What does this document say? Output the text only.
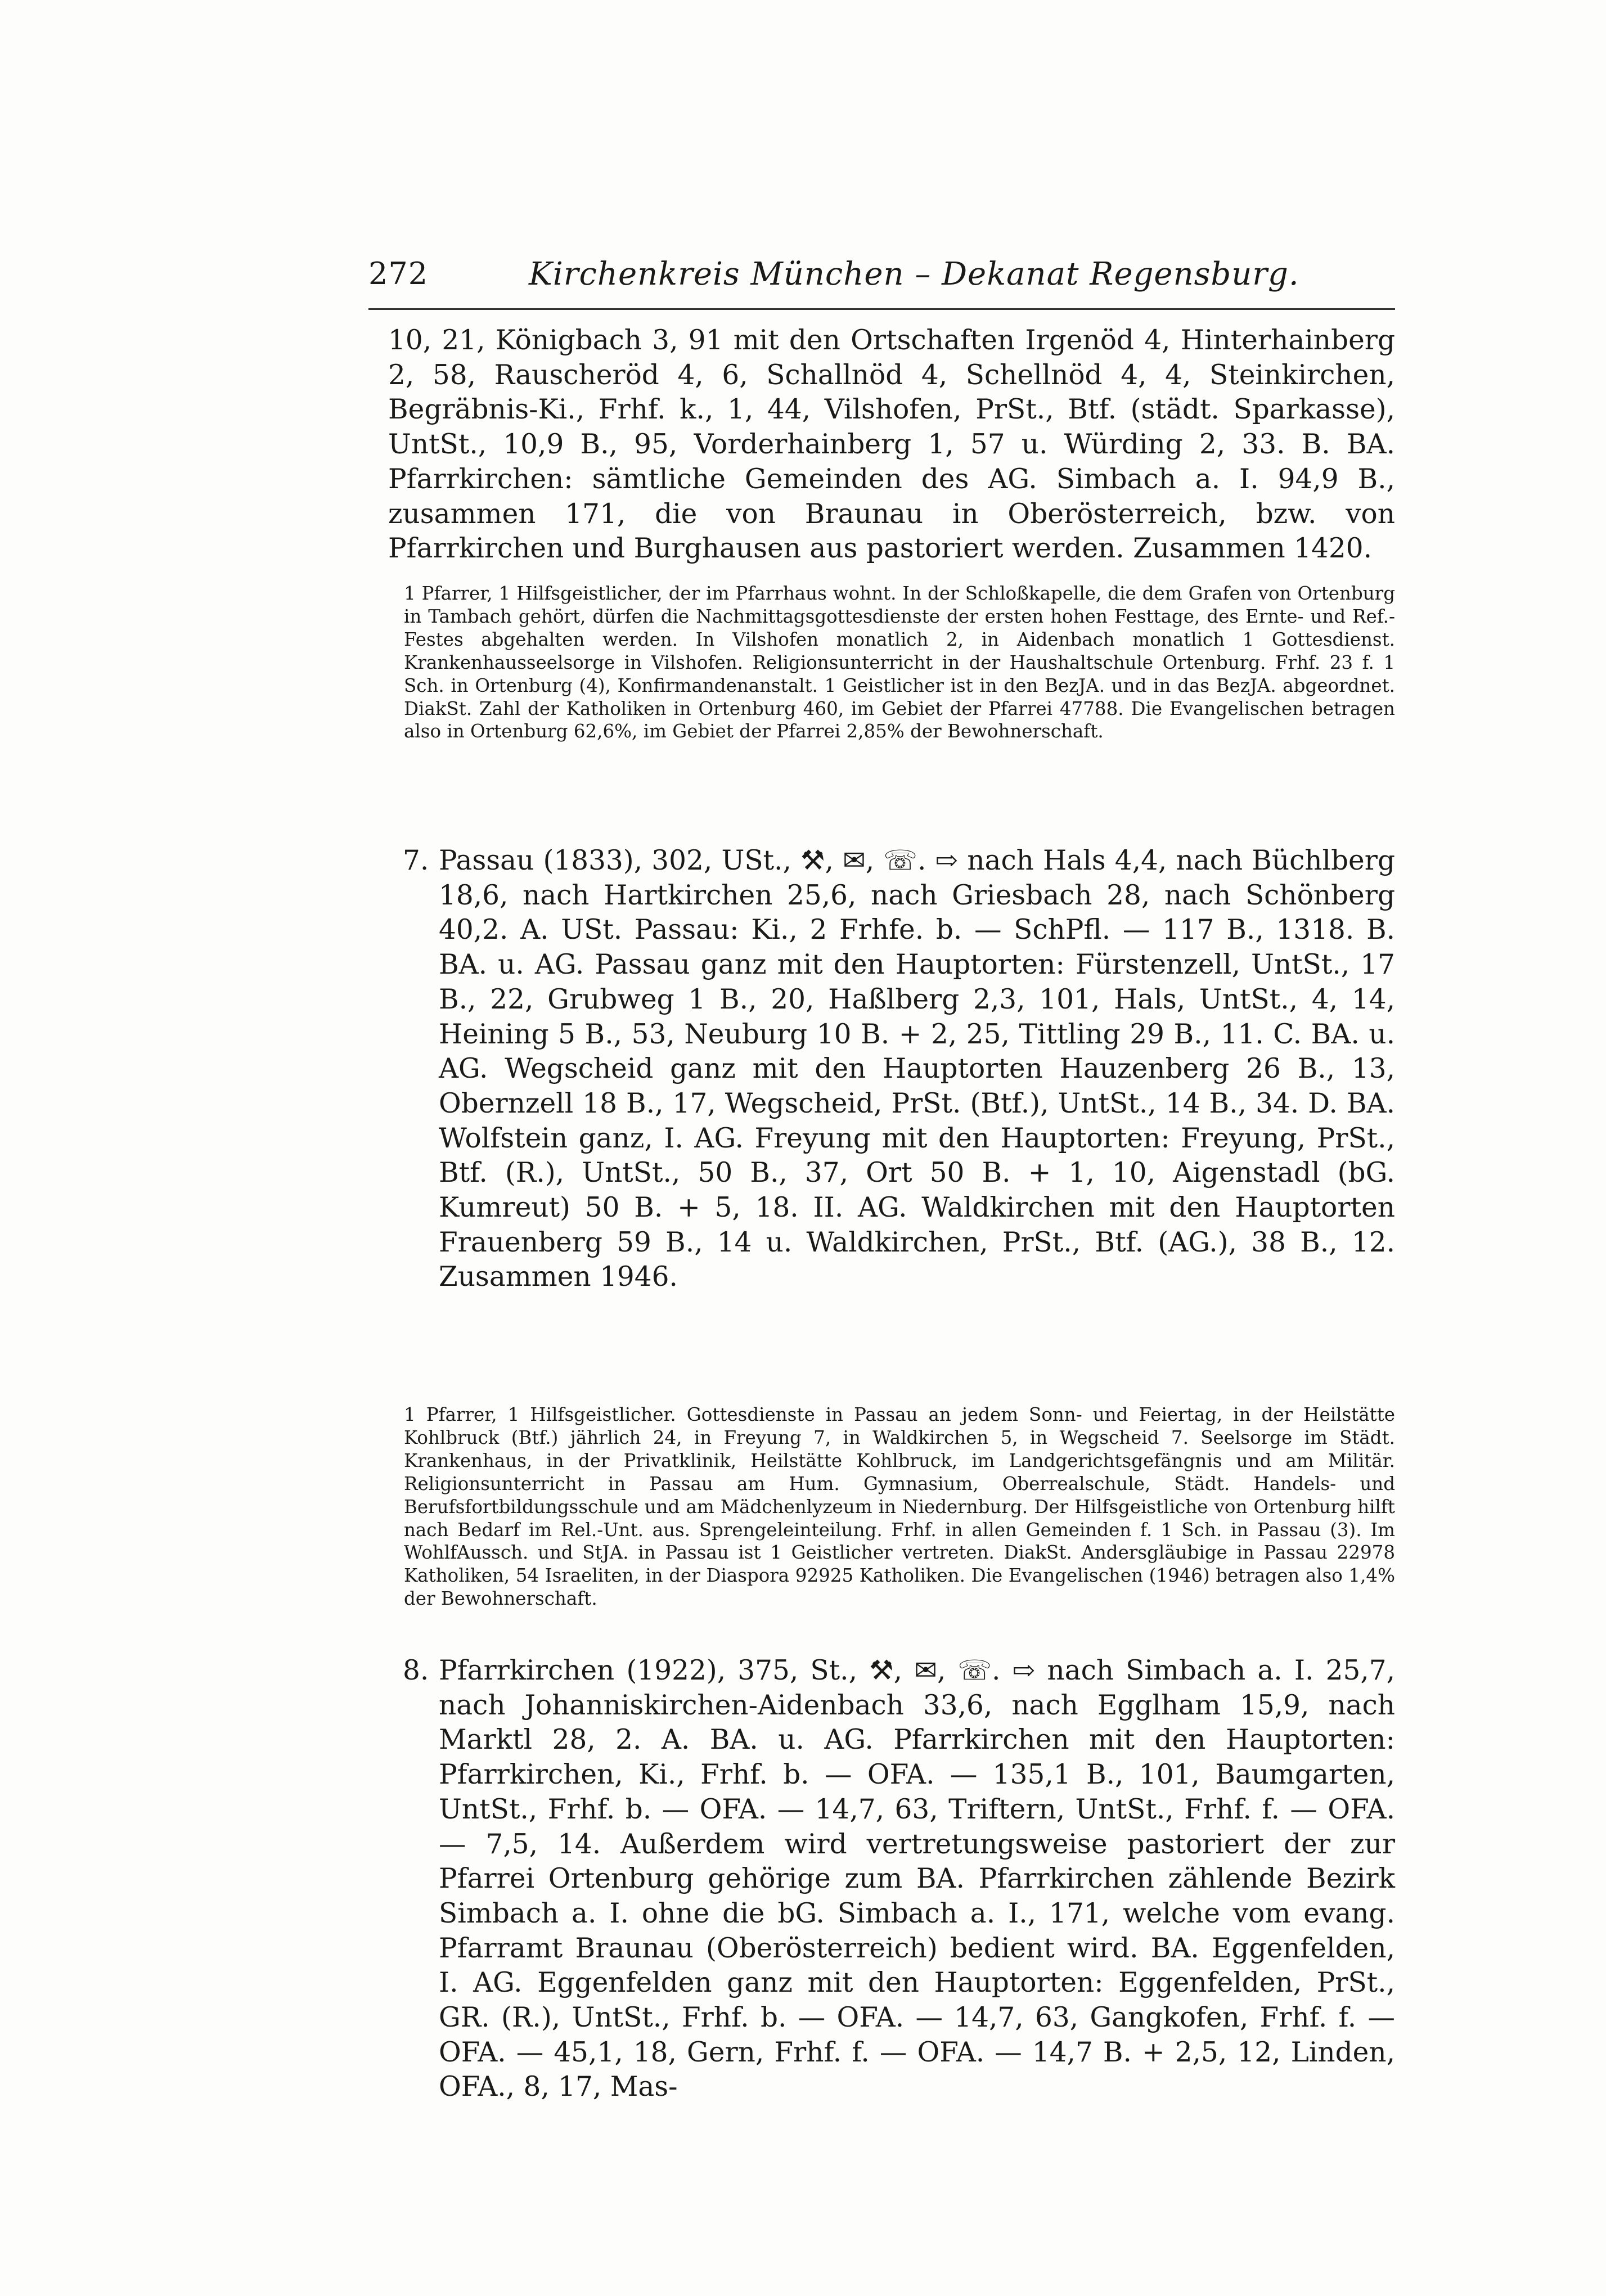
272	Kirchenkreis München – Dekanat Regensburg.

10, 21, Königbach 3, 91 mit den Ortschaften Irgenöd 4, Hinterhainberg 2, 58, Rauscheröd 4, 6, Schallnöd 4, Schellnöd 4, 4, Steinkirchen, Begräbnis-Ki., Frhf. k., 1, 44, Vilshofen, PrSt., Btf. (städt. Sparkasse), UntSt., 10,9 B., 95, Vorderhainberg 1, 57 u. Würding 2, 33. B. BA. Pfarrkirchen: sämtliche Gemeinden des AG. Simbach a. I. 94,9 B., zusammen 171, die von Braunau in Oberösterreich, bzw. von Pfarrkirchen und Burghausen aus pastoriert werden. Zusammen 1420.

1 Pfarrer, 1 Hilfsgeistlicher, der im Pfarrhaus wohnt. In der Schloßkapelle, die dem Grafen von Ortenburg in Tambach gehört, dürfen die Nachmittagsgottesdienste der ersten hohen Festtage, des Ernte- und Ref.-Festes abgehalten werden. In Vilshofen monatlich 2, in Aidenbach monatlich 1 Gottesdienst. Krankenhausseelsorge in Vilshofen. Religionsunterricht in der Haushaltschule Ortenburg. Frhf. 23 f. 1 Sch. in Ortenburg (4), Konfirmandenanstalt. 1 Geistlicher ist in den BezJA. und in das BezJA. abgeordnet. DiakSt. Zahl der Katholiken in Ortenburg 460, im Gebiet der Pfarrei 47788. Die Evangelischen betragen also in Ortenburg 62,6%, im Gebiet der Pfarrei 2,85% der Bewohnerschaft.

7. Passau (1833), 302, USt., ⚒, ✉, ☏. ⇨ nach Hals 4,4, nach Büchlberg 18,6, nach Hartkirchen 25,6, nach Griesbach 28, nach Schönberg 40,2. A. USt. Passau: Ki., 2 Frhfe. b. — SchPfl. — 117 B., 1318. B. BA. u. AG. Passau ganz mit den Hauptorten: Fürstenzell, UntSt., 17 B., 22, Grubweg 1 B., 20, Haßlberg 2,3, 101, Hals, UntSt., 4, 14, Heining 5 B., 53, Neuburg 10 B. + 2, 25, Tittling 29 B., 11. C. BA. u. AG. Wegscheid ganz mit den Hauptorten Hauzenberg 26 B., 13, Obernzell 18 B., 17, Wegscheid, PrSt. (Btf.), UntSt., 14 B., 34. D. BA. Wolfstein ganz, I. AG. Freyung mit den Hauptorten: Freyung, PrSt., Btf. (R.), UntSt., 50 B., 37, Ort 50 B. + 1, 10, Aigenstadl (bG. Kumreut) 50 B. + 5, 18. II. AG. Waldkirchen mit den Hauptorten Frauenberg 59 B., 14 u. Waldkirchen, PrSt., Btf. (AG.), 38 B., 12. Zusammen 1946.

1 Pfarrer, 1 Hilfsgeistlicher. Gottesdienste in Passau an jedem Sonn- und Feiertag, in der Heilstätte Kohlbruck (Btf.) jährlich 24, in Freyung 7, in Waldkirchen 5, in Wegscheid 7. Seelsorge im Städt. Krankenhaus, in der Privatklinik, Heilstätte Kohlbruck, im Landgerichtsgefängnis und am Militär. Religionsunterricht in Passau am Hum. Gymnasium, Oberrealschule, Städt. Handels- und Berufsfortbildungsschule und am Mädchenlyzeum in Niedernburg. Der Hilfsgeistliche von Ortenburg hilft nach Bedarf im Rel.-Unt. aus. Sprengeleinteilung. Frhf. in allen Gemeinden f. 1 Sch. in Passau (3). Im WohlfAussch. und StJA. in Passau ist 1 Geistlicher vertreten. DiakSt. Andersgläubige in Passau 22978 Katholiken, 54 Israeliten, in der Diaspora 92925 Katholiken. Die Evangelischen (1946) betragen also 1,4% der Bewohnerschaft.

8. Pfarrkirchen (1922), 375, St., ⚒, ✉, ☏. ⇨ nach Simbach a. I. 25,7, nach Johanniskirchen-Aidenbach 33,6, nach Egglham 15,9, nach Marktl 28, 2. A. BA. u. AG. Pfarrkirchen mit den Hauptorten: Pfarrkirchen, Ki., Frhf. b. — OFA. — 135,1 B., 101, Baumgarten, UntSt., Frhf. b. — OFA. — 14,7, 63, Triftern, UntSt., Frhf. f. — OFA. — 7,5, 14. Außerdem wird vertretungsweise pastoriert der zur Pfarrei Ortenburg gehörige zum BA. Pfarrkirchen zählende Bezirk Simbach a. I. ohne die bG. Simbach a. I., 171, welche vom evang. Pfarramt Braunau (Oberösterreich) bedient wird. BA. Eggenfelden, I. AG. Eggenfelden ganz mit den Hauptorten: Eggenfelden, PrSt., GR. (R.), UntSt., Frhf. b. — OFA. — 14,7, 63, Gangkofen, Frhf. f. — OFA. — 45,1, 18, Gern, Frhf. f. — OFA. — 14,7 B. + 2,5, 12, Linden, OFA., 8, 17, Mas-
